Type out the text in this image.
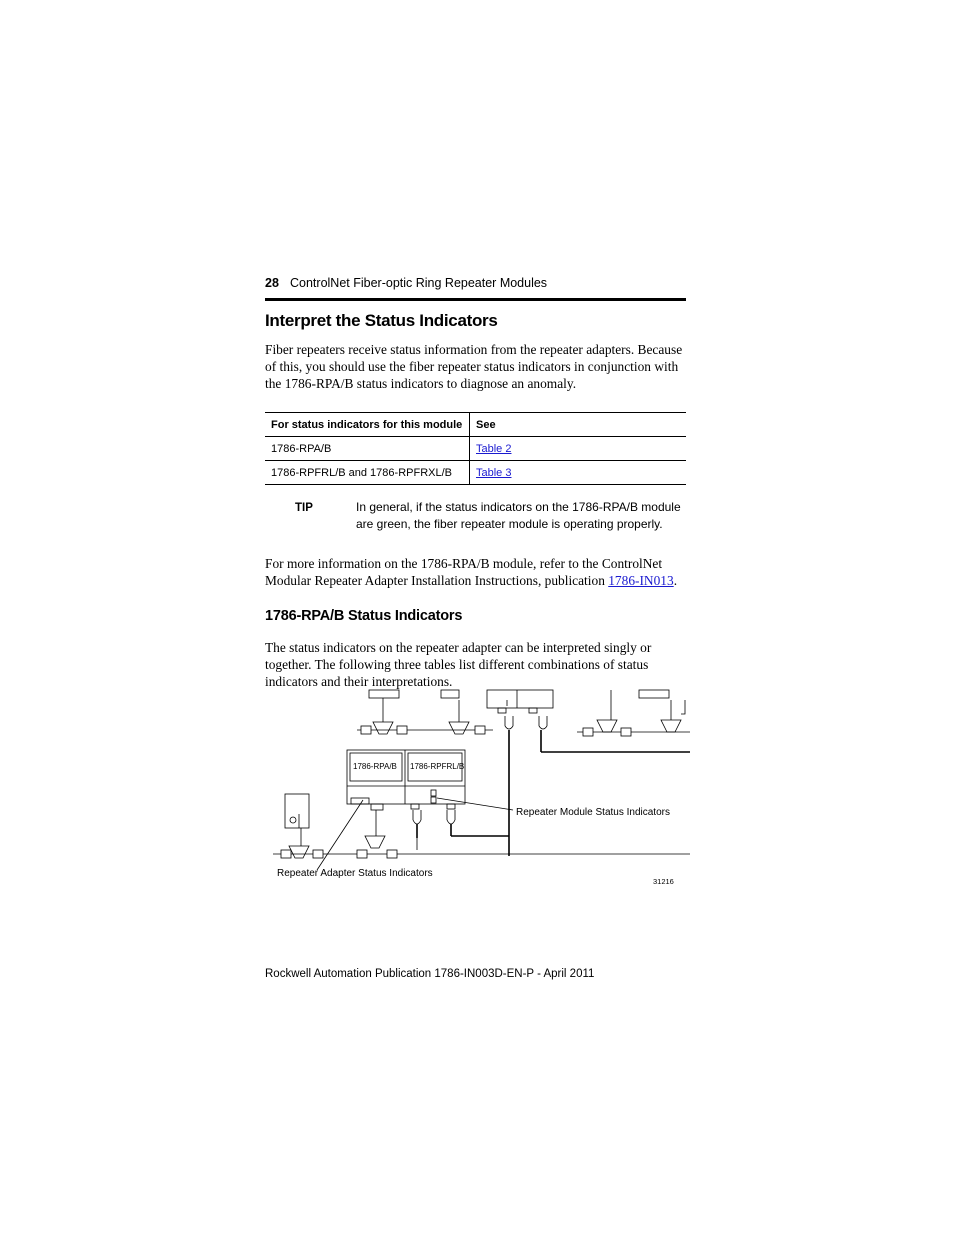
28 ControlNet Fiber-optic Ring Repeater Modules
Interpret the Status Indicators
Fiber repeaters receive status information from the repeater adapters. Because of this, you should use the fiber repeater status indicators in conjunction with the 1786-RPA/B status indicators to diagnose an anomaly.
For status indicators for this module	See
1786-RPA/B	Table 2
1786-RPFRL/B and 1786-RPFRXL/B	Table 3
TIP	In general, if the status indicators on the 1786-RPA/B module are green, the fiber repeater module is operating properly.
For more information on the 1786-RPA/B module, refer to the ControlNet Modular Repeater Adapter Installation Instructions, publication 1786-IN013.
1786-RPA/B Status Indicators
The status indicators on the repeater adapter can be interpreted singly or together. The following three tables list different combinations of status indicators and their interpretations.
1786-RPA/B 1786-RPFRL/B
Repeater Module Status Indicators
Repeater Adapter Status Indicators
31216
Rockwell Automation Publication 1786-IN003D-EN-P - April 2011
